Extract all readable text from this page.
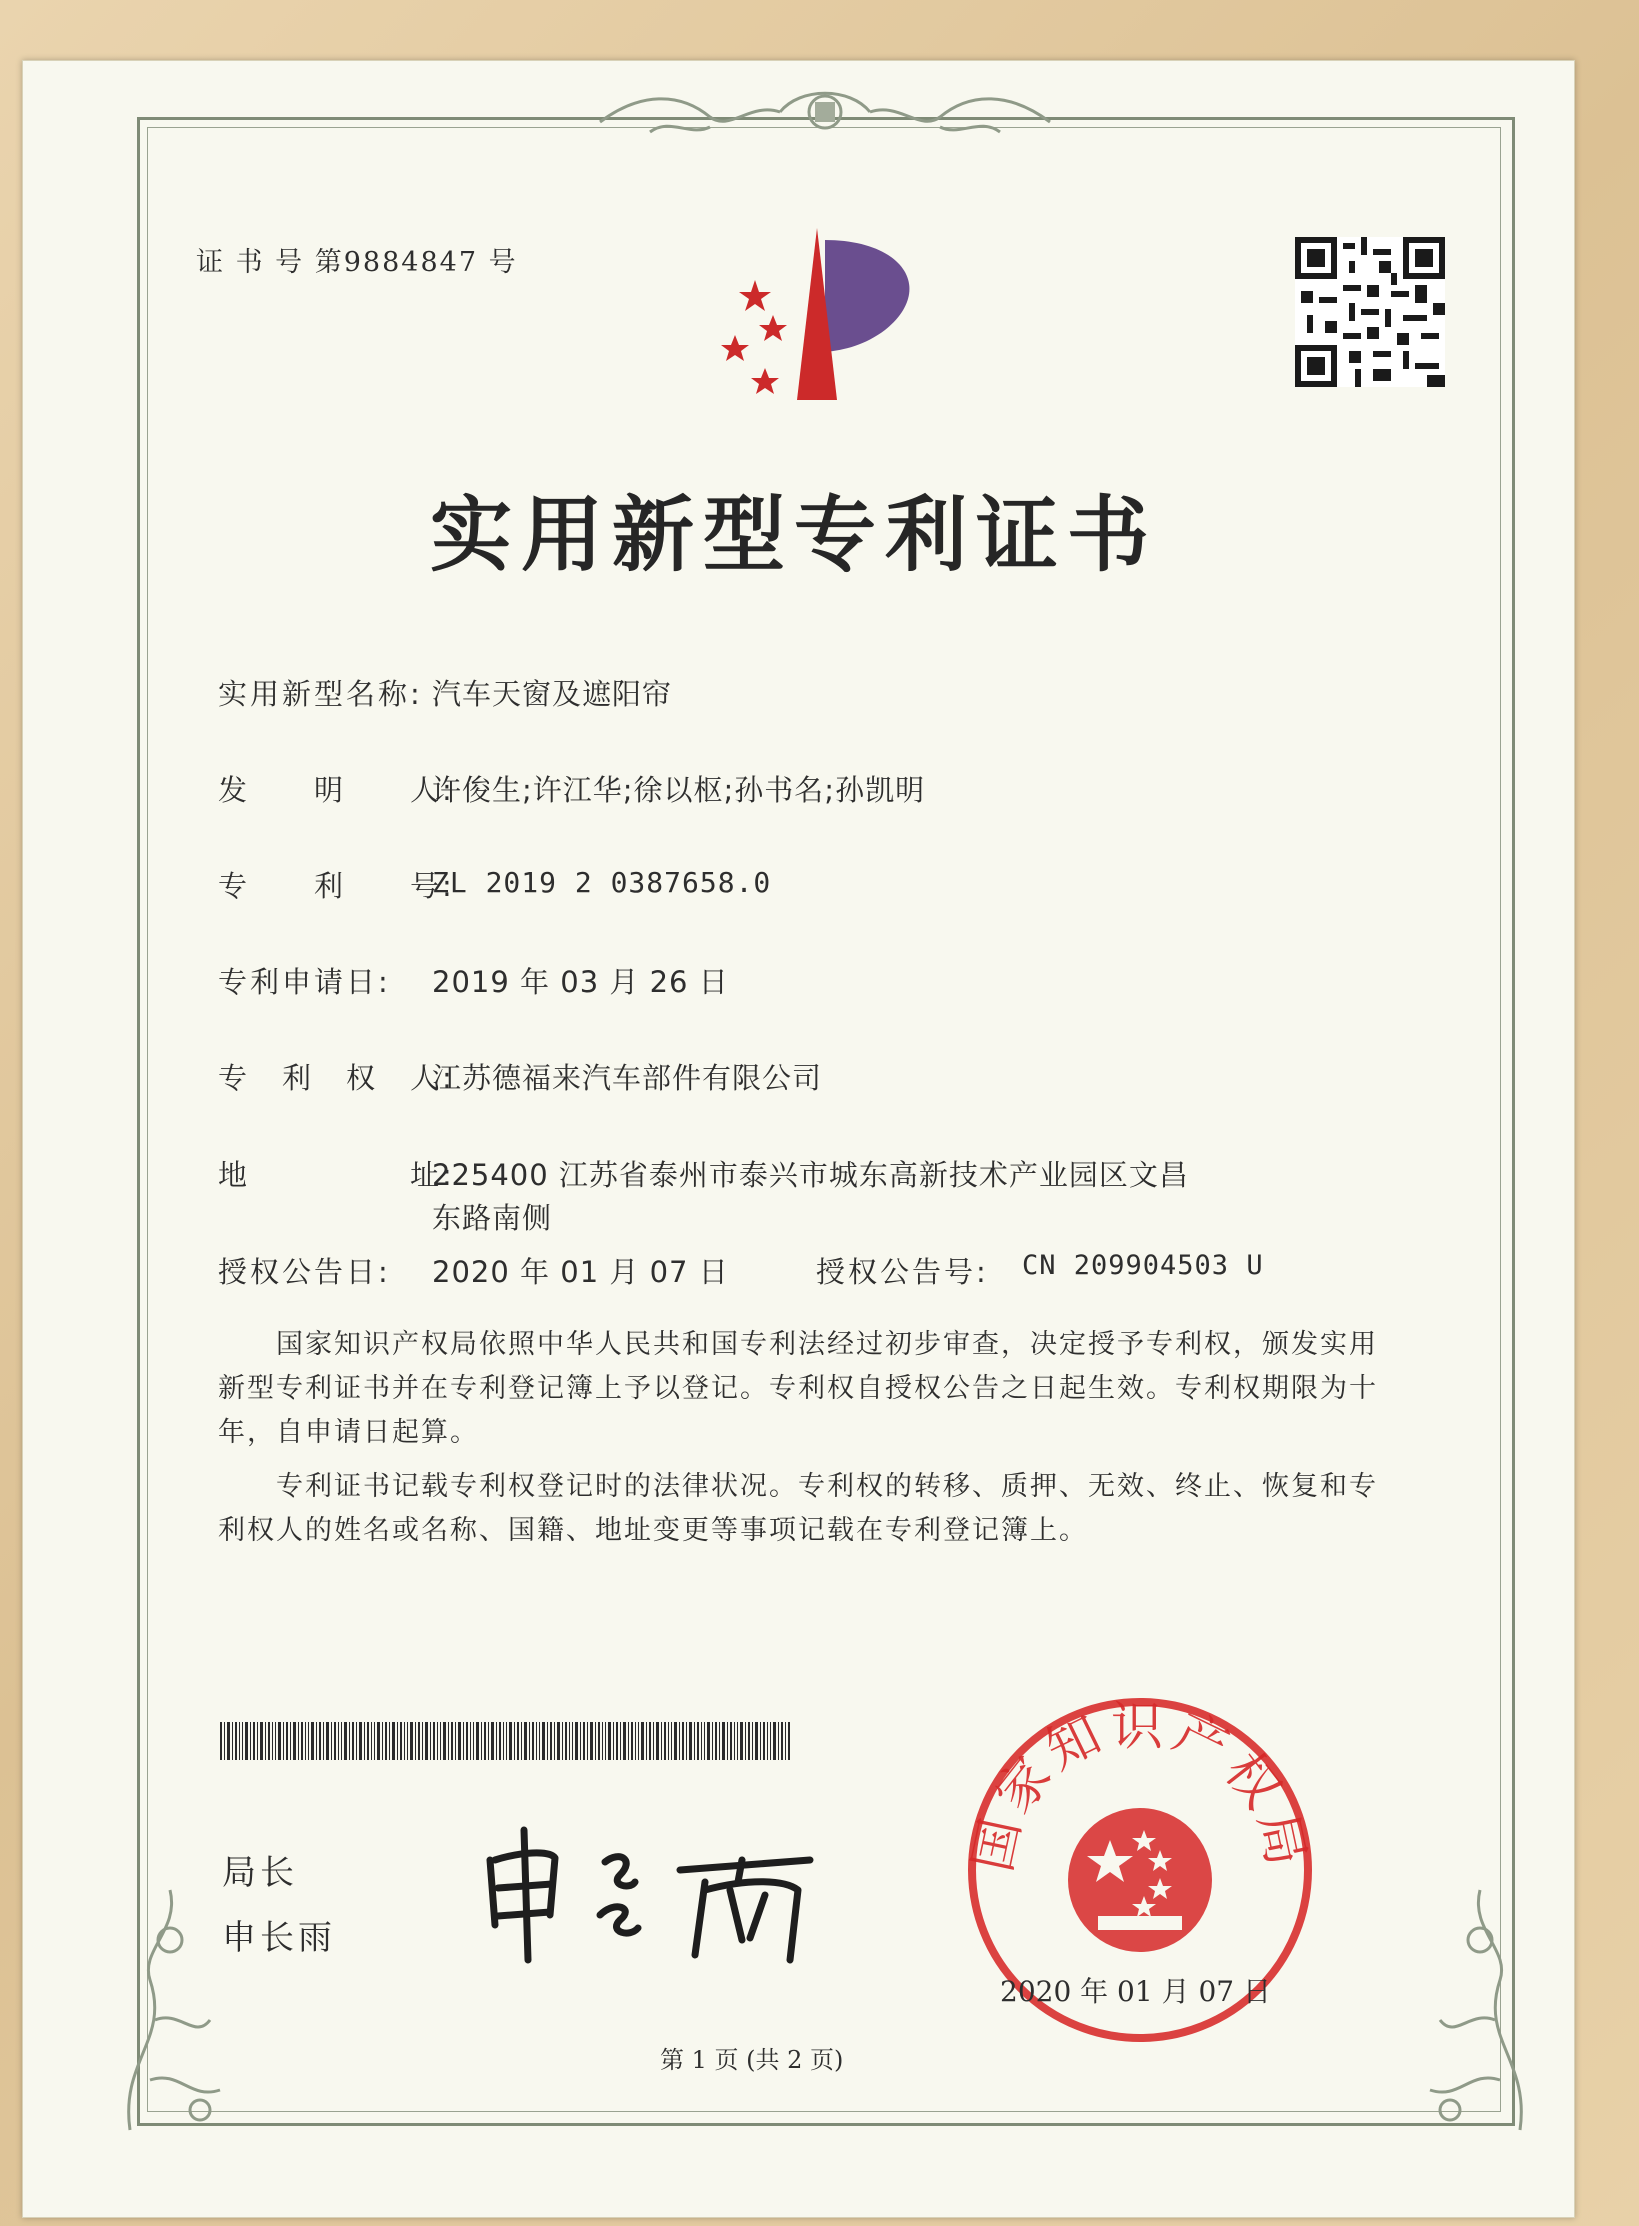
证 书 号 第9884847 号
实用新型专利证书
实用新型名称: 汽车天窗及遮阳帘
发　　明　　人:
许俊生;许江华;徐以枢;孙书名;孙凯明
专　　利　　号:
ZL 2019 2 0387658.0
专利申请日: 2019 年 03 月 26 日
专　利　权　人:
江苏德福来汽车部件有限公司
地　　　　　址:
225400 江苏省泰州市泰兴市城东高新技术产业园区文昌
东路南侧
授权公告日: 2020 年 01 月 07 日	授权公告号: CN 209904503 U
国家知识产权局依照中华人民共和国专利法经过初步审查，决定授予专利权，颁发实用
新型专利证书并在专利登记簿上予以登记。专利权自授权公告之日起生效。专利权期限为十
年，自申请日起算。
专利证书记载专利权登记时的法律状况。专利权的转移、质押、无效、终止、恢复和专
利权人的姓名或名称、国籍、地址变更等事项记载在专利登记簿上。
局长
申长雨
国家知识产权局
2020 年 01 月 07 日
第 1 页 (共 2 页)
